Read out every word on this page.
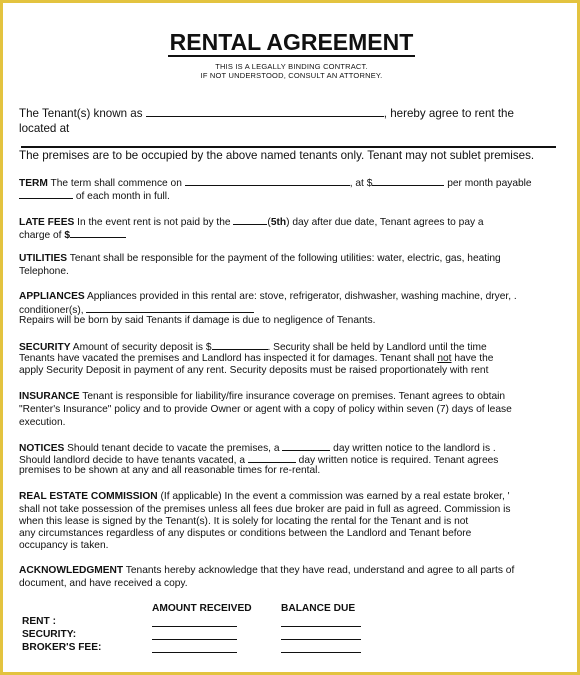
RENTAL AGREEMENT
THIS IS A LEGALLY BINDING CONTRACT.
IF NOT UNDERSTOOD, CONSULT AN ATTORNEY.
The Tenant(s) known as	, hereby agree to rent the
located at
The premises are to be occupied by the above named tenants only. Tenant may not sublet premises.
TERM The term shall commence on	, at $	per month payable
of each month in full.
LATE FEES In the event rent is not paid by the	(5th) day after due date, Tenant agrees to pay a
charge of $
UTILITIES Tenant shall be responsible for the payment of the following utilities: water, electric, gas, heating
Telephone.
APPLIANCES Appliances provided in this rental are: stove, refrigerator, dishwasher, washing machine, dryer, .
conditioner(s),
Repairs will be born by said Tenants if damage is due to negligence of Tenants.
SECURITY Amount of security deposit is $	. Security shall be held by Landlord until the time
Tenants have vacated the premises and Landlord has inspected it for damages. Tenant shall not have the
apply Security Deposit in payment of any rent. Security deposits must be raised proportionately with rent
INSURANCE Tenant is responsible for liability/fire insurance coverage on premises. Tenant agrees to obtain
"Renter's Insurance" policy and to provide Owner or agent with a copy of policy within seven (7) days of lease
execution.
NOTICES Should tenant decide to vacate the premises, a	day written notice to the landlord is .
Should landlord decide to have tenants vacated, a	day written notice is required. Tenant agrees
premises to be shown at any and all reasonable times for re-rental.
REAL ESTATE COMMISSION (If applicable) In the event a commission was earned by a real estate broker, '
shall not take possession of the premises unless all fees due broker are paid in full as agreed. Commission is
when this lease is signed by the Tenant(s). It is solely for locating the rental for the Tenant and is not
any circumstances regardless of any disputes or conditions between the Landlord and Tenant before
occupancy is taken.
ACKNOWLEDGMENT Tenants hereby acknowledge that they have read, understand and agree to all parts of
document, and have received a copy.
AMOUNT RECEIVED	BALANCE DUE
RENT :
SECURITY:
BROKER'S FEE:
